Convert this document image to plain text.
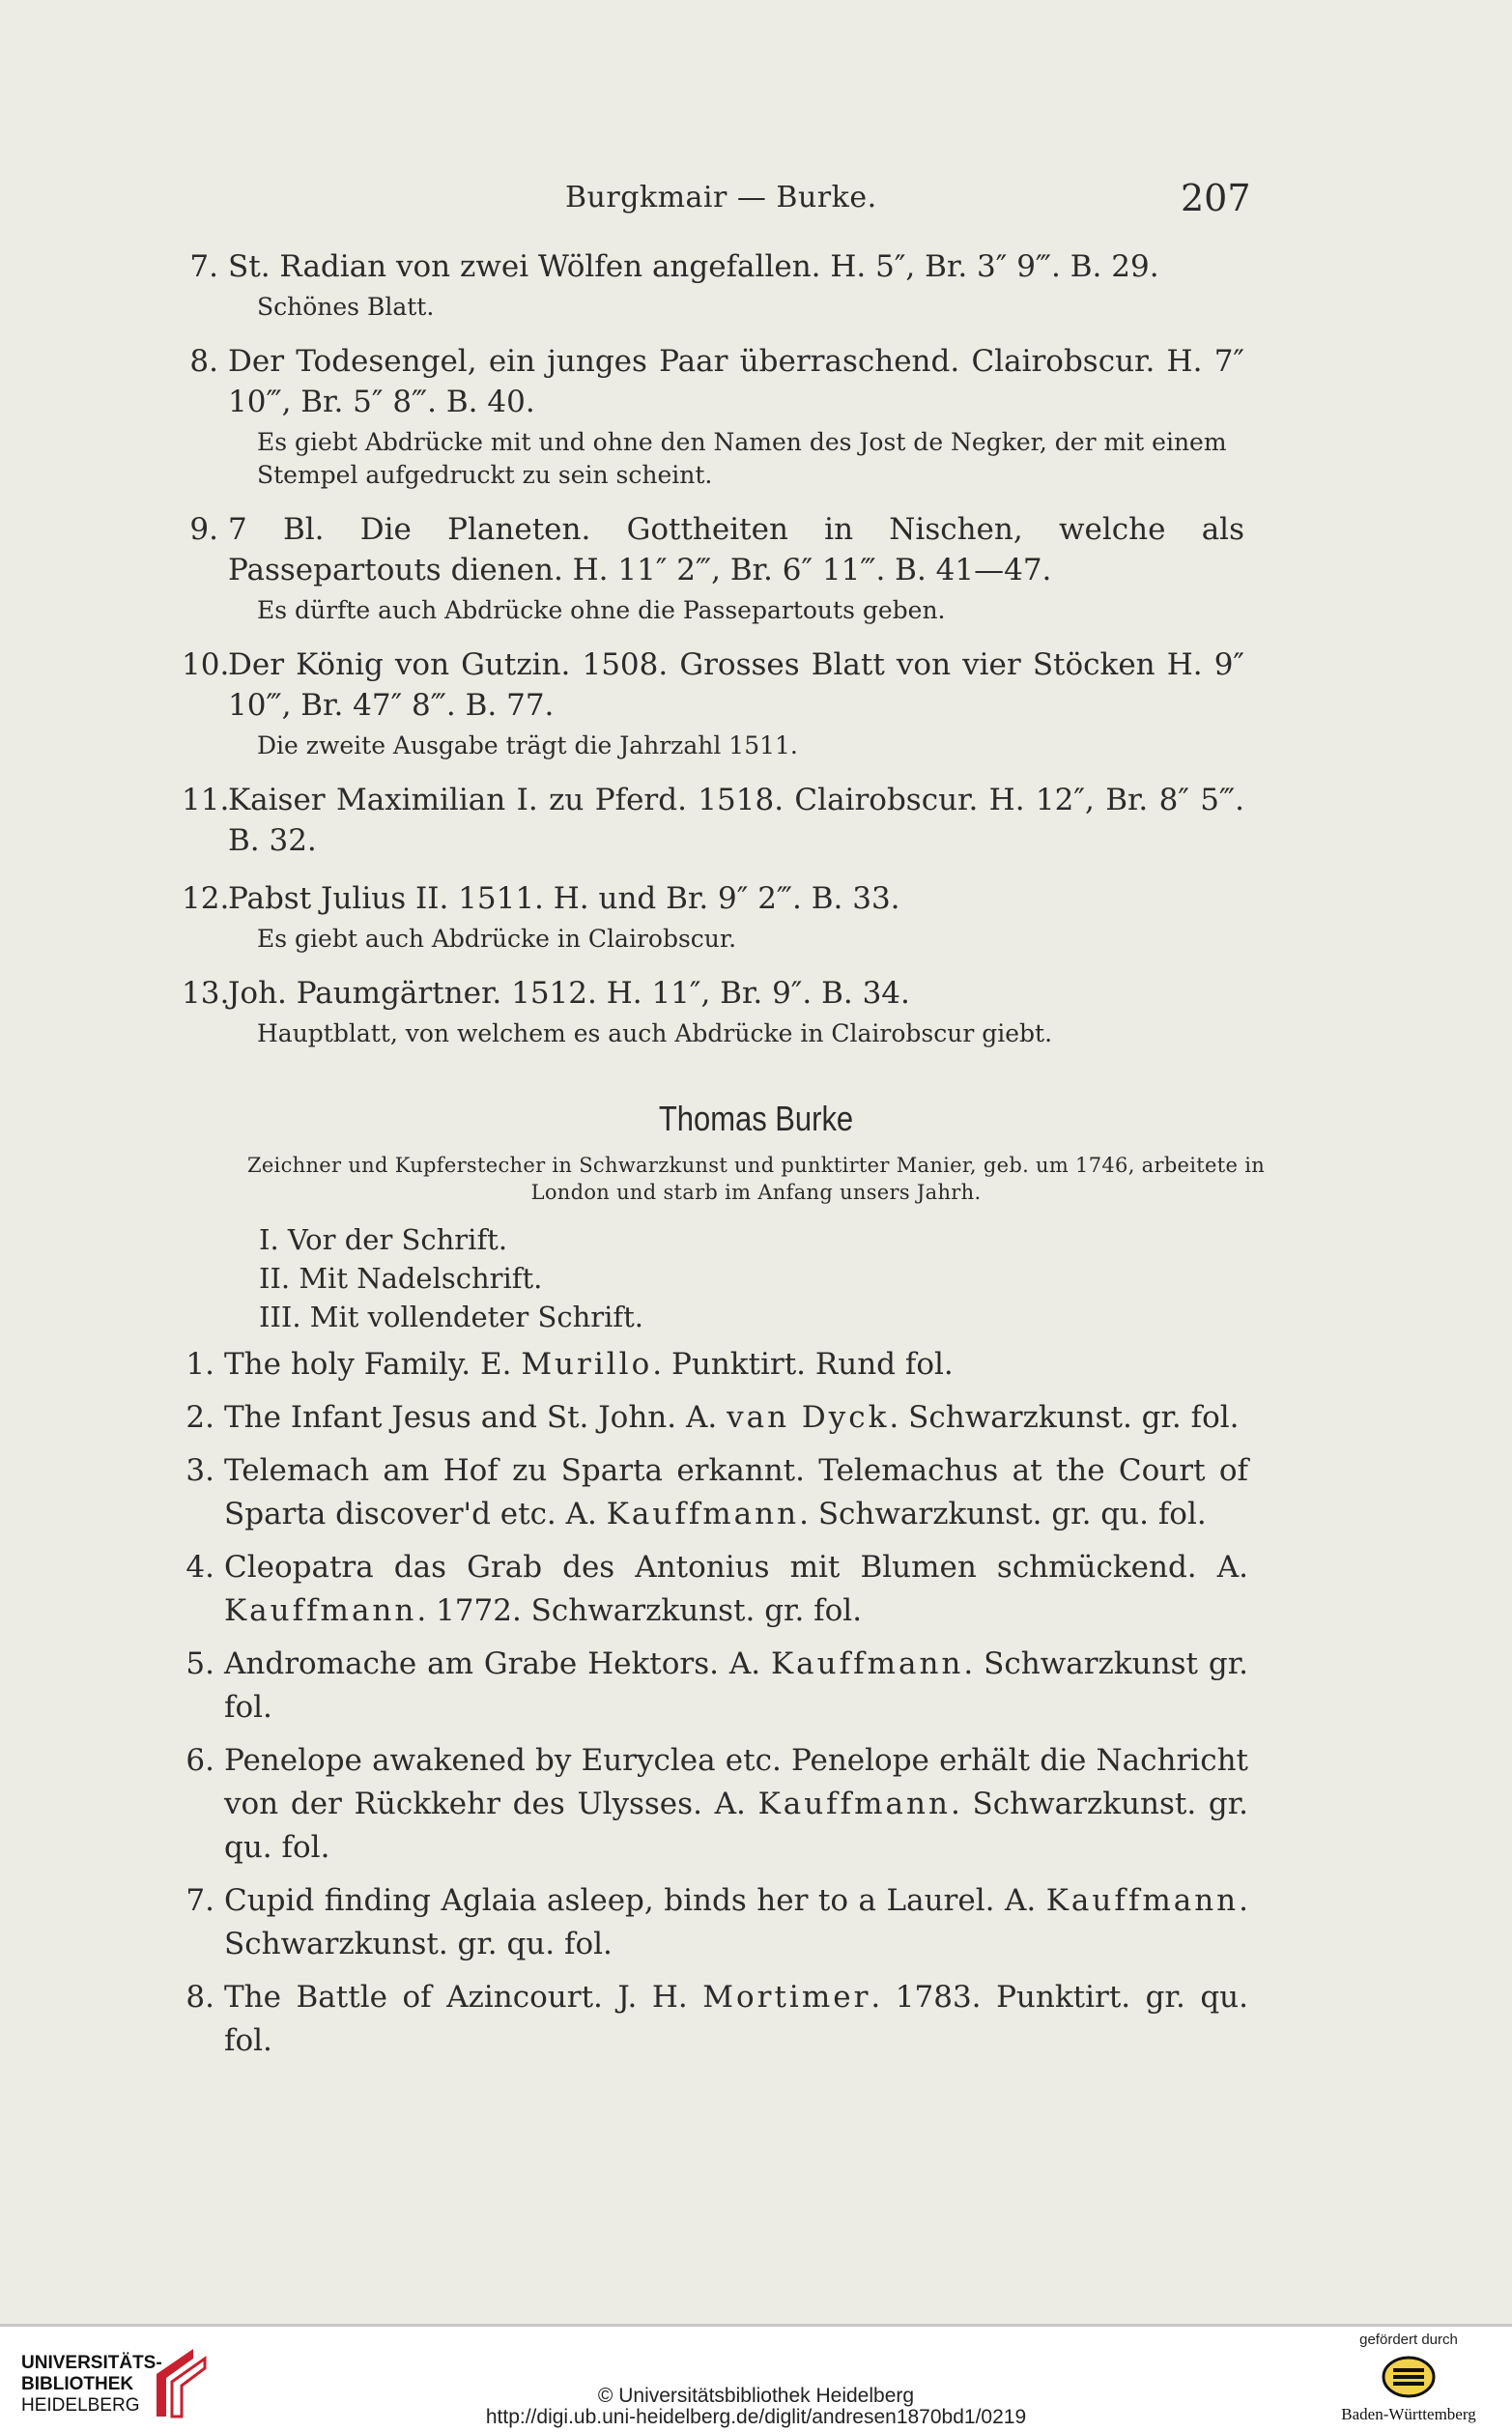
Burgkmair — Burke.	207
7. St. Radian von zwei Wölfen angefallen. H. 5″, Br. 3″ 9‴. B. 29.
Schönes Blatt.
8. Der Todesengel, ein junges Paar überraschend. Clairobscur. H. 7″ 10‴, Br. 5″ 8‴. B. 40.
Es giebt Abdrücke mit und ohne den Namen des Jost de Negker, der mit einem Stempel aufgedruckt zu sein scheint.
9. 7 Bl. Die Planeten. Gottheiten in Nischen, welche als Passepartouts dienen. H. 11″ 2‴, Br. 6″ 11‴. B. 41—47.
Es dürfte auch Abdrücke ohne die Passepartouts geben.
10.
Der König von Gutzin. 1508. Grosses Blatt von vier Stöcken H. 9″ 10‴, Br. 47″ 8‴. B. 77.
Die zweite Ausgabe trägt die Jahrzahl 1511.
11.
Kaiser Maximilian I. zu Pferd. 1518. Clairobscur. H. 12″, Br. 8″ 5‴. B. 32.
12.
Pabst Julius II. 1511. H. und Br. 9″ 2‴. B. 33.
Es giebt auch Abdrücke in Clairobscur.
13.
Joh. Paumgärtner. 1512. H. 11″, Br. 9″. B. 34.
Hauptblatt, von welchem es auch Abdrücke in Clairobscur giebt.
Thomas Burke
Zeichner und Kupferstecher in Schwarzkunst und punktirter Manier, geb. um 1746, arbeitete in London und starb im Anfang unsers Jahrh.
I. Vor der Schrift.
II. Mit Nadelschrift.
III. Mit vollendeter Schrift.
1. The holy Family. E. Murillo. Punktirt. Rund fol.
2. The Infant Jesus and St. John. A. van Dyck. Schwarzkunst. gr. fol.
3. Telemach am Hof zu Sparta erkannt. Telemachus at the Court of Sparta discover'd etc. A. Kauffmann. Schwarzkunst. gr. qu. fol.
4. Cleopatra das Grab des Antonius mit Blumen schmückend. A. Kauffmann. 1772. Schwarzkunst. gr. fol.
5. Andromache am Grabe Hektors. A. Kauffmann. Schwarzkunst gr. fol.
6. Penelope awakened by Euryclea etc. Penelope erhält die Nachricht von der Rückkehr des Ulysses. A. Kauffmann. Schwarzkunst. gr. qu. fol.
7. Cupid finding Aglaia asleep, binds her to a Laurel. A. Kauffmann. Schwarzkunst. gr. qu. fol.
8. The Battle of Azincourt. J. H. Mortimer. 1783. Punktirt. gr. qu. fol.
UNIVERSITÄTS-
BIBLIOTHEK
HEIDELBERG	© Universitätsbibliothek Heidelberg
http://digi.ub.uni-heidelberg.de/diglit/andresen1870bd1/0219
gefördert durch
Baden-Württemberg
